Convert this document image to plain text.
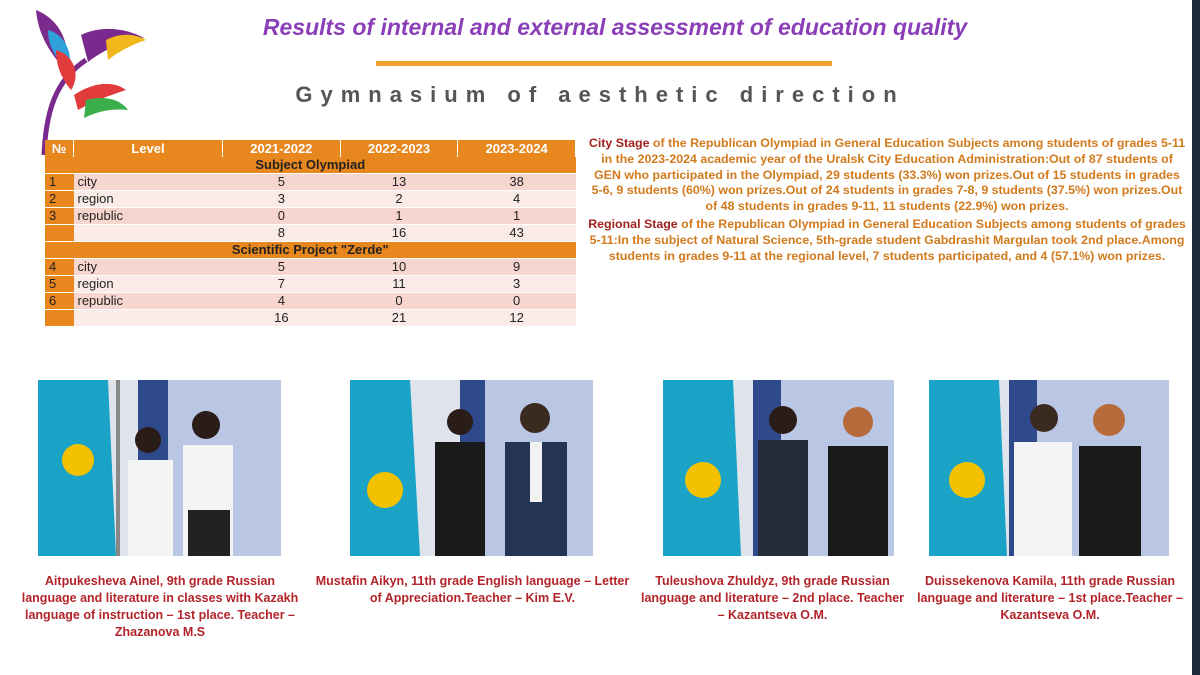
Results of internal and external assessment of education quality
Gymnasium of aesthetic direction
№	Level	2021-2022	2022-2023	2023-2024
Subject Olympiad				
1	city	5	13	38
2	region	3	2	4
3	republic	0	1	1
		8	16	43
Scientific Project "Zerde"				
4	city	5	10	9
5	region	7	11	3
6	republic	4	0	0
		16	21	12

City Stage of the Republican Olympiad in General Education Subjects among students of grades 5-11 in the 2023-2024 academic year of the Uralsk City Education Administration:Out of 87 students of GEN who participated in the Olympiad, 29 students (33.3%) won prizes.Out of 15 students in grades 5-6, 9 students (60%) won prizes.Out of 24 students in grades 7-8, 9 students (37.5%) won prizes.Out of 48 students in grades 9-11, 11 students (22.9%) won prizes.

Regional Stage of the Republican Olympiad in General Education Subjects among students of grades 5-11:In the subject of Natural Science, 5th-grade student Gabdrashit Margulan took 2nd place.Among students in grades 9-11 at the regional level, 7 students participated, and 4 (57.1%) won prizes.

Aitpukesheva Ainel, 9th grade Russian language and literature in classes with Kazakh language of instruction – 1st place. Teacher – Zhazanova M.S
Mustafin Aikyn, 11th grade English language – Letter of Appreciation.Teacher – Kim E.V.
Tuleushova Zhuldyz, 9th grade Russian language and literature – 2nd place. Teacher – Kazantseva O.M.
Duissekenova Kamila, 11th grade Russian language and literature – 1st place.Teacher – Kazantseva O.M.
